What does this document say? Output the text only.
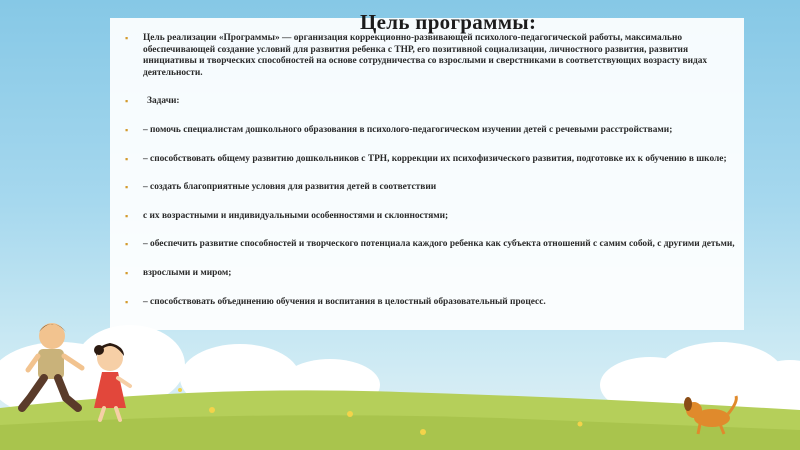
Цель программы:
▪ Цель реализации «Программы» — организация коррекционно-развивающей психолого-педагогической работы, максимально обеспечивающей создание условий для развития ребенка с ТНР, его позитивной социализации, личностного развития, развития инициативы и творческих способностей на основе сотрудничества со взрослыми и сверстниками в соответствующих возрасту видах деятельности.
▪ Задачи:
▪ – помочь специалистам дошкольного образования в психолого-педагогическом изучении детей с речевыми расстройствами;
▪ – способствовать общему развитию дошкольников с ТРН, коррекции их психофизического развития, подготовке их к обучению в школе;
▪ – создать благоприятные условия для развития детей в соответствии
▪ с их возрастными и индивидуальными особенностями и склонностями;
▪ – обеспечить развитие способностей и творческого потенциала каждого ребенка как субъекта отношений с самим собой, с другими детьми,
▪ взрослыми и миром;
▪ – способствовать объединению обучения и воспитания в целостный образовательный процесс.
